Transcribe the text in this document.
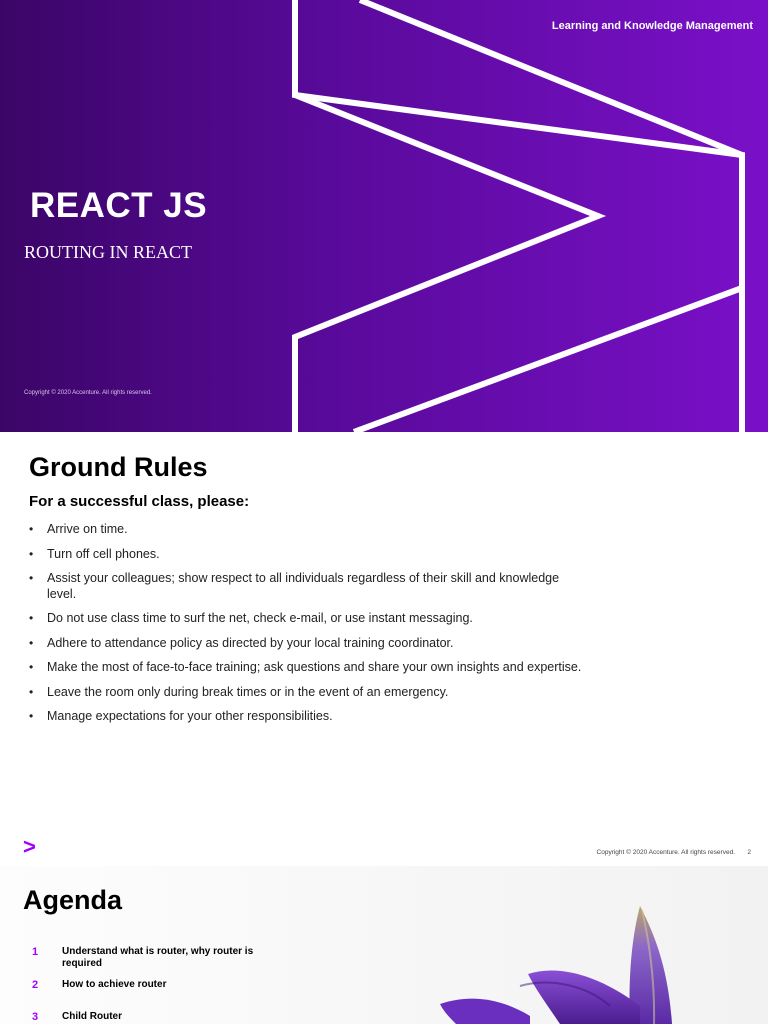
Learning and Knowledge Management
REACT JS
ROUTING IN REACT
Copyright © 2020 Accenture. All rights reserved.
Ground Rules
For a successful class, please:
• Arrive on time.
• Turn off cell phones.
• Assist your colleagues; show respect to all individuals regardless of their skill and knowledge level.
• Do not use class time to surf the net, check e-mail, or use instant messaging.
• Adhere to attendance policy as directed by your local training coordinator.
• Make the most of face-to-face training; ask questions and share your own insights and expertise.
• Leave the room only during break times or in the event of an emergency.
• Manage expectations for your other responsibilities.
>	Copyright © 2020 Accenture. All rights reserved. 2
Agenda
1 Understand what is router, why router is required
2 How to achieve router
3 Child Router
